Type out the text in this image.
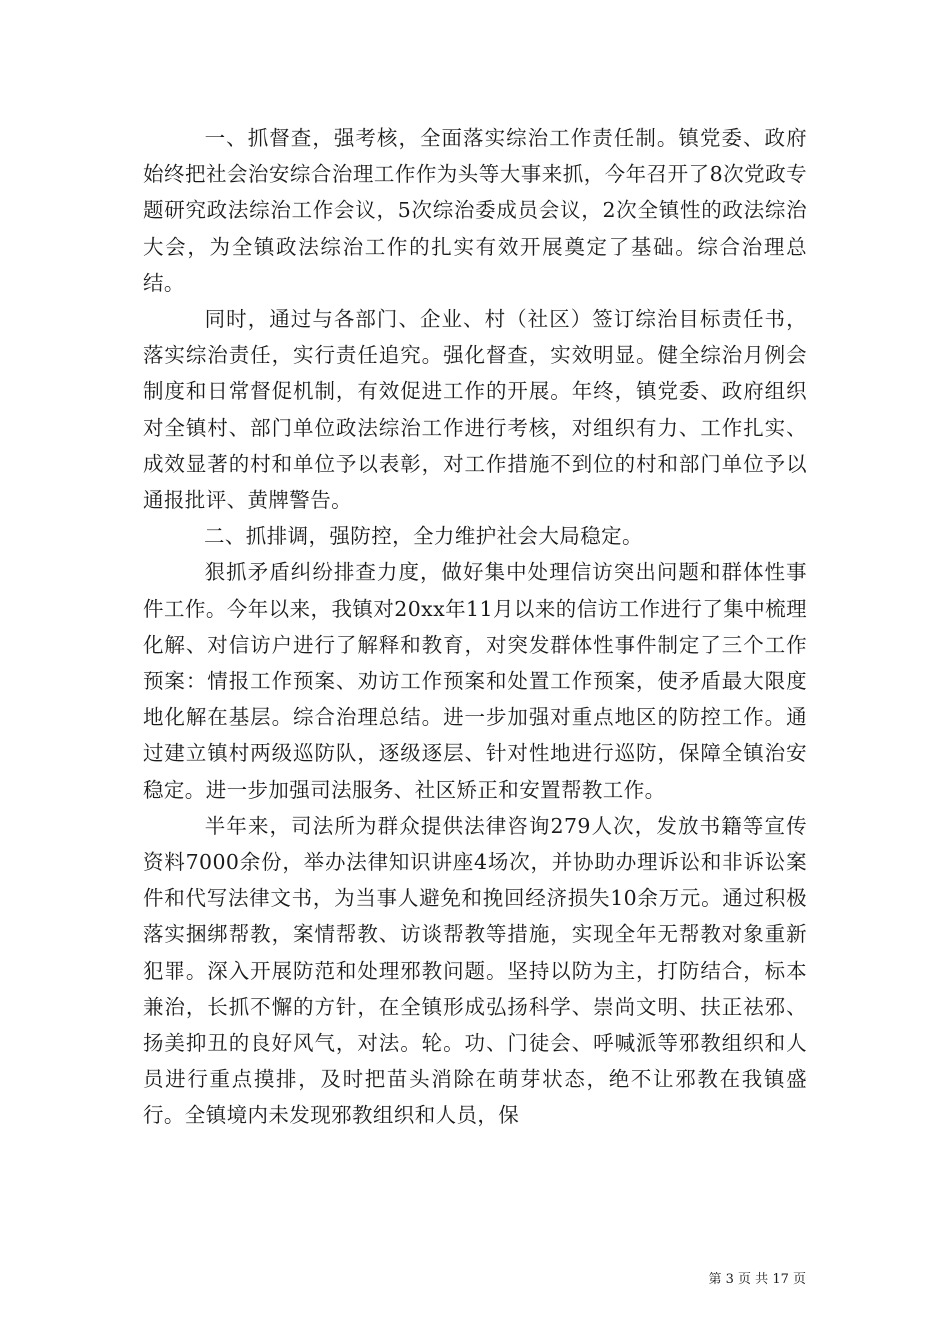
一、抓督查，强考核，全面落实综治工作责任制。镇党委、政府始终把社会治安综合治理工作作为头等大事来抓，今年召开了8次党政专题研究政法综治工作会议，5次综治委成员会议，2次全镇性的政法综治大会，为全镇政法综治工作的扎实有效开展奠定了基础。综合治理总结。

同时，通过与各部门、企业、村（社区）签订综治目标责任书，落实综治责任，实行责任追究。强化督查，实效明显。健全综治月例会制度和日常督促机制，有效促进工作的开展。年终，镇党委、政府组织对全镇村、部门单位政法综治工作进行考核，对组织有力、工作扎实、成效显著的村和单位予以表彰，对工作措施不到位的村和部门单位予以通报批评、黄牌警告。

二、抓排调，强防控，全力维护社会大局稳定。

狠抓矛盾纠纷排查力度，做好集中处理信访突出问题和群体性事件工作。今年以来，我镇对20xx年11月以来的信访工作进行了集中梳理化解、对信访户进行了解释和教育，对突发群体性事件制定了三个工作预案：情报工作预案、劝访工作预案和处置工作预案，使矛盾最大限度地化解在基层。综合治理总结。进一步加强对重点地区的防控工作。通过建立镇村两级巡防队，逐级逐层、针对性地进行巡防，保障全镇治安稳定。进一步加强司法服务、社区矫正和安置帮教工作。

半年来，司法所为群众提供法律咨询279人次，发放书籍等宣传资料7000余份，举办法律知识讲座4场次，并协助办理诉讼和非诉讼案件和代写法律文书，为当事人避免和挽回经济损失10余万元。通过积极落实捆绑帮教，案情帮教、访谈帮教等措施，实现全年无帮教对象重新犯罪。深入开展防范和处理邪教问题。坚持以防为主，打防结合，标本兼治，长抓不懈的方针，在全镇形成弘扬科学、崇尚文明、扶正祛邪、扬美抑丑的良好风气，对法。轮。功、门徒会、呼喊派等邪教组织和人员进行重点摸排，及时把苗头消除在萌芽状态，绝不让邪教在我镇盛行。全镇境内未发现邪教组织和人员，保

第 3 页 共 17 页
